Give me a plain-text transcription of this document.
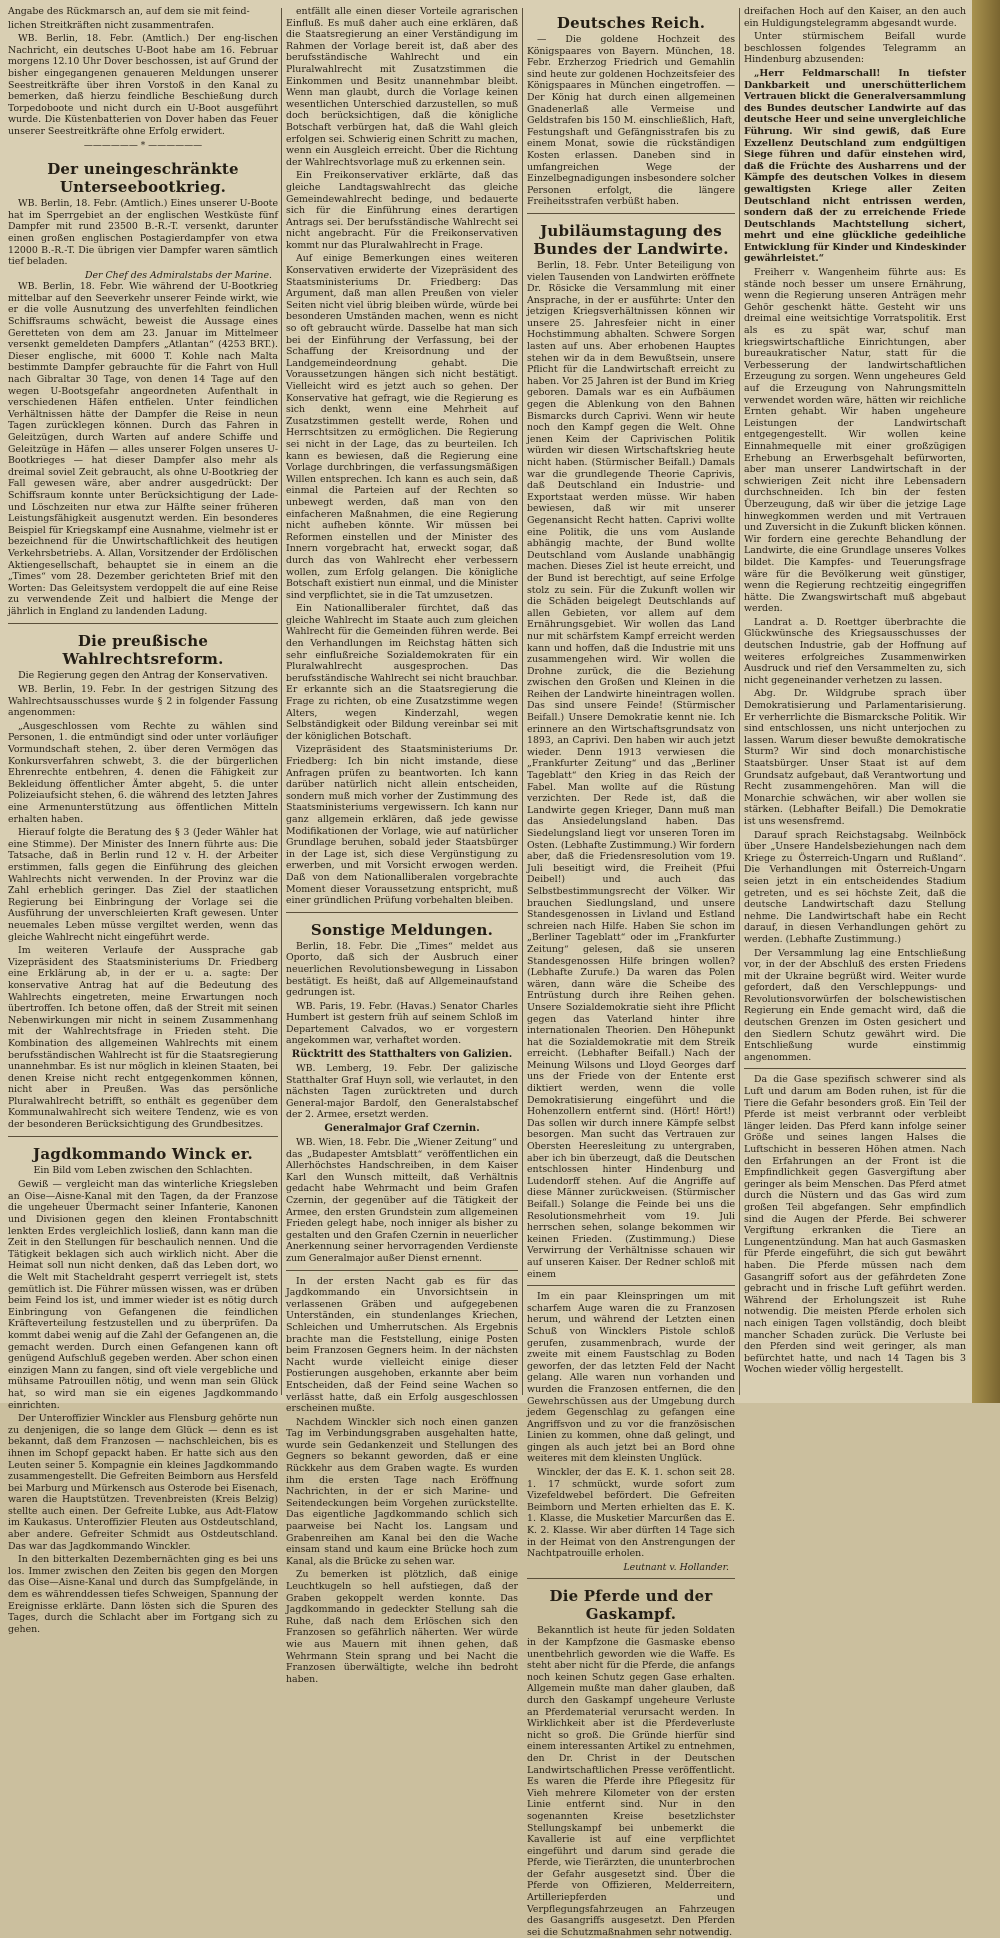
Angabe des Rückmarsch an, auf dem sie mit feind-

lichen Streitkräften nicht zusammentrafen.

WB. Berlin, 18. Febr. (Amtlich.) Der eng-lischen Nachricht, ein deutsches U-Boot habe am 16. Februar morgens 12.10 Uhr Dover beschossen, ist auf Grund der bisher eingegangenen genaueren Meldungen unserer Seestreitkräfte über ihren Vorstoß in den Kanal zu bemerken, daß hierzu feindliche Beschießung durch Torpedoboote und nicht durch ein U-Boot ausgeführt wurde. Die Küstenbatterien von Dover haben das Feuer unserer Seestreitkräfte ohne Erfolg erwidert.

—————— * ——————
Der uneingeschränkte Unterseebootkrieg.

WB. Berlin, 18. Febr. (Amtlich.) Eines unserer U-Boote hat im Sperrgebiet an der englischen Westküste fünf Dampfer mit rund 23500 B.-R.-T. versenkt, darunter einen großen englischen Postagierdampfer von etwa 12000 B.-R.-T. Die übrigen vier Dampfer waren sämtlich tief beladen.

Der Chef des Admiralstabs der Marine.

WB. Berlin, 18. Febr. Wie während der U-Bootkrieg mittelbar auf den Seeverkehr unserer Feinde wirkt, wie er die volle Ausnutzung des unverfehlten feindlichen Schiffsraums schwächt, beweist die Aussage eines Geretteten von dem am 23. Januar im Mittelmeer versenkt gemeldeten Dampfers „Atlantan“ (4253 BRT.). Dieser englische, mit 6000 T. Kohle nach Malta bestimmte Dampfer gebrauchte für die Fahrt von Hull nach Gibraltar 30 Tage, von denen 14 Tage auf den wegen U-Bootsgefahr angeordneten Aufenthalt in verschiedenen Häfen entfielen. Unter feindlichen Verhältnissen hätte der Dampfer die Reise in neun Tagen zurücklegen können. Durch das Fahren in Geleitzügen, durch Warten auf andere Schiffe und Geleitzüge in Häfen — alles unserer Folgen unseres U-Bootkrieges — hat dieser Dampfer also mehr als dreimal soviel Zeit gebraucht, als ohne U-Bootkrieg der Fall gewesen wäre, aber andrer ausgedrückt: Der Schiffsraum konnte unter Berücksichtigung der Lade- und Löschzeiten nur etwa zur Hälfte seiner früheren Leistungsfähigkeit ausgenutzt werden. Ein besonderes Beispiel für Kriegskampf eine Ausnahme, vielmehr ist er bezeichnend für die Unwirtschaftlichkeit des heutigen Verkehrsbetriebs. A. Allan, Vorsitzender der Erdölischen Aktiengesellschaft, behauptet sie in einem an die „Times“ vom 28. Dezember gerichteten Brief mit den Worten: Das Geleitsystem verdoppelt die auf eine Reise zu verwendende Zeit und halbiert die Menge der jährlich in England zu landenden Ladung.

Die preußische Wahlrechtsreform.
Die Regierung gegen den Antrag der Konservativen.

WB. Berlin, 19. Febr. In der gestrigen Sitzung des Wahlrechtsausschusses wurde § 2 in folgender Fassung angenommen:

„Ausgeschlossen vom Rechte zu wählen sind Personen, 1. die entmündigt sind oder unter vorläufiger Vormundschaft stehen, 2. über deren Vermögen das Konkursverfahren schwebt, 3. die der bürgerlichen Ehrenrechte entbehren, 4. denen die Fähigkeit zur Bekleidung öffentlicher Ämter abgeht, 5. die unter Polizeiaufsicht stehen, 6. die während des letzten Jahres eine Armenunterstützung aus öffentlichen Mitteln erhalten haben.

Hierauf folgte die Beratung des § 3 (Jeder Wähler hat eine Stimme). Der Minister des Innern führte aus: Die Tatsache, daß in Berlin rund 12 v. H. der Arbeiter erstimmen, falls gegen die Einführung des gleichen Wahlrechts nicht verwenden. In der Provinz war die Zahl erheblich geringer. Das Ziel der staatlichen Regierung bei Einbringung der Vorlage sei die Ausführung der unverschleierten Kraft gewesen. Unter neuemales Leben müsse vergiltet werden, wenn das gleiche Wahlrecht nicht eingeführt werde.

Im weiteren Verlaufe der Aussprache gab Vizepräsident des Staatsministeriums Dr. Friedberg eine Erklärung ab, in der er u. a. sagte: Der konservative Antrag hat auf die Bedeutung des Wahlrechts eingetreten, meine Erwartungen noch übertroffen. Ich betone offen, daß der Streit mit seinen Nebenwirkungen mir nicht in seinem Zusammenhang mit der Wahlrechtsfrage in Frieden steht. Die Kombination des allgemeinen Wahlrechts mit einem berufsständischen Wahlrecht ist für die Staatsregierung unannehmbar. Es ist nur möglich in kleinen Staaten, bei denen Kreise nicht recht entgegenkommen können, nicht aber in Preußen. Was das persönliche Pluralwahlrecht betrifft, so enthält es gegenüber dem Kommunalwahlrecht sich weitere Tendenz, wie es von der besonderen Berücksichtigung des Grundbesitzes.

Jagdkommando Winck er.
Ein Bild vom Leben zwischen den Schlachten.

Gewiß — vergleicht man das winterliche Kriegsleben an Oise—Aisne-Kanal mit den Tagen, da der Franzose die ungeheuer Übermacht seiner Infanterie, Kanonen und Divisionen gegen den kleinen Frontabschnitt lenkten Erdes vergleichlich losließ, dann kann man die Zeit in den Stellungen für beschaulich nennen. Und die Tätigkeit beklagen sich auch wirklich nicht. Aber die Heimat soll nun nicht denken, daß das Leben dort, wo die Welt mit Stacheldraht gesperrt verriegelt ist, stets gemütlich ist. Die Führer müssen wissen, was er drüben beim Feind los ist, und immer wieder ist es nötig durch Einbringung von Gefangenen die feindlichen Kräfteverteilung festzustellen und zu überprüfen. Da kommt dabei wenig auf die Zahl der Gefangenen an, die gemacht werden. Durch einen Gefangenen kann oft genügend Aufschluß gegeben werden. Aber schon einen einzigen Mann zu fangen, sind oft viele vergebliche und mühsame Patrouillen nötig, und wenn man sein Glück hat, so wird man sie ein eigenes Jagdkommando einrichten.

Der Unteroffizier Winckler aus Flensburg gehörte nun zu denjenigen, die so lange dem Glück — denn es ist bekannt, daß dem Franzosen — nachschleichen, bis es ihnen im Schopf gepackt haben. Er hatte sich aus den Leuten seiner 5. Kompagnie ein kleines Jagdkommando zusammengestellt. Die Gefreiten Beimborn aus Hersfeld bei Marburg und Mürkensch aus Osterode bei Eisenach, waren die Hauptstützen. Trevenbreisten (Kreis Belzig) stellte auch einen. Der Gefreite Lubke, aus Adt-Flatow im Kaukasus. Unteroffizier Fleuten aus Ostdeutschland, aber andere. Gefreiter Schmidt aus Ostdeutschland. Das war das Jagdkommando Winckler.

In den bitterkalten Dezembernächten ging es bei uns los. Immer zwischen den Zeiten bis gegen den Morgen das Oise—Aisne-Kanal und durch das Sumpfgelände, in dem es währenddessen tiefes Schweigen, Spannung der Ereignisse erklärte. Dann lösten sich die Spuren des Tages, durch die Schlacht aber im Fortgang sich zu gehen.

entfällt alle einen dieser Vorteile agrarischen Einfluß. Es muß daher auch eine erklären, daß die Staatsregierung an einer Verständigung im Rahmen der Vorlage bereit ist, daß aber des berufsständische Wahlrecht und ein Pluralwahlrecht mit Zusatzstimmen die Einkommen und Besitz unannehmbar bleibt. Wenn man glaubt, durch die Vorlage keinen wesentlichen Unterschied darzustellen, so muß doch berücksichtigen, daß die königliche Botschaft verbürgen hat, daß die Wahl gleich erfolgen sei. Schwierig einen Schritt zu machen, wenn ein Ausgleich erreicht. Über die Richtung der Wahlrechtsvorlage muß zu erkennen sein.

Ein Freikonservativer erklärte, daß das gleiche Landtagswahlrecht das gleiche Gemeindewahlrecht bedinge, und bedauerte sich für die Einführung eines derartigen Antrags sei. Der berufsständische Wahlrecht sei nicht angebracht. Für die Freikonservativen kommt nur das Pluralwahlrecht in Frage.

Auf einige Bemerkungen eines weiteren Konservativen erwiderte der Vizepräsident des Staatsministeriums Dr. Friedberg: Das Argument, daß man allen Preußen von vieler Seiten nicht viel übrig bleiben würde, würde bei besonderen Umständen machen, wenn es nicht so oft gebraucht würde. Dasselbe hat man sich bei der Einführung der Verfassung, bei der Schaffung der Kreisordnung und der Landgemeindeordnung gehabt. Die Voraussetzungen hängen sich nicht bestätigt. Vielleicht wird es jetzt auch so gehen. Der Konservative hat gefragt, wie die Regierung es sich denkt, wenn eine Mehrheit auf Zusatzstimmen gestellt werde, Rohen und Herrschtsitzen zu ermöglichen. Die Regierung sei nicht in der Lage, das zu beurteilen. Ich kann es bewiesen, daß die Regierung eine Vorlage durchbringen, die verfassungsmäßigen Willen entsprechen. Ich kann es auch sein, daß einmal die Parteien auf der Rechten so unbewegt werden, daß man von den einfacheren Maßnahmen, die eine Regierung nicht aufheben könnte. Wir müssen bei Reformen einstellen und der Minister des Innern vorgebracht hat, erweckt sogar, daß durch das von Wahlrecht eher verbessern wollen, zum Erfolg gelangen. Die königliche Botschaft existiert nun einmal, und die Minister sind verpflichtet, sie in die Tat umzusetzen.

Ein Nationalliberaler fürchtet, daß das gleiche Wahlrecht im Staate auch zum gleichen Wahlrecht für die Gemeinden führen werde. Bei den Verhandlungen im Reichstag hätten sich sehr einflußreiche Sozialdemokraten für ein Pluralwahlrecht ausgesprochen. Das berufsständische Wahlrecht sei nicht brauchbar. Er erkannte sich an die Staatsregierung die Frage zu richten, ob eine Zusatzstimme wegen Alters, wegen Kinderzahl, wegen Selbständigkeit oder Bildung vereinbar sei mit der königlichen Botschaft.

Vizepräsident des Staatsministeriums Dr. Friedberg: Ich bin nicht imstande, diese Anfragen prüfen zu beantworten. Ich kann darüber natürlich nicht allein entscheiden, sondern muß mich vorher der Zustimmung des Staatsministeriums vergewissern. Ich kann nur ganz allgemein erklären, daß jede gewisse Modifikationen der Vorlage, wie auf natürlicher Grundlage beruhen, sobald jeder Staatsbürger in der Lage ist, sich diese Vergünstigung zu erwerben, und mit Vorsicht erwogen werden. Daß von dem Nationalliberalen vorgebrachte Moment dieser Voraussetzung entspricht, muß einer gründlichen Prüfung vorbehalten bleiben.

Sonstige Meldungen.

Berlin, 18. Febr. Die „Times“ meldet aus Oporto, daß sich der Ausbruch einer neuerlichen Revolutionsbewegung in Lissabon bestätigt. Es heißt, daß auf Allgemeinaufstand gedrungen ist.

WB. Paris, 19. Febr. (Havas.) Senator Charles Humbert ist gestern früh auf seinem Schloß im Departement Calvados, wo er vorgestern angekommen war, verhaftet worden.

Rücktritt des Statthalters von Galizien.

WB. Lemberg, 19. Febr. Der galizische Statthalter Graf Huyn soll, wie verlautet, in den nächsten Tagen zurücktreten und durch General-major Bardolf, den Generalstabschef der 2. Armee, ersetzt werden.

Generalmajor Graf Czernin.

WB. Wien, 18. Febr. Die „Wiener Zeitung“ und das „Budapester Amtsblatt“ veröffentlichen ein Allerhöchstes Handschreiben, in dem Kaiser Karl den Wunsch mitteilt, daß Verhältnis gedacht habe Wehrmacht und beim Grafen Czernin, der gegenüber auf die Tätigkeit der Armee, den ersten Grundstein zum allgemeinen Frieden gelegt habe, noch inniger als bisher zu gestalten und den Grafen Czernin in neuerlicher Anerkennung seiner hervorragenden Verdienste zum Generalmajor außer Dienst ernennt.

In der ersten Nacht gab es für das Jagdkommando ein Unvorsichtsein in verlassenen Gräben und aufgegebenen Unterständen, ein stundenlanges Kriechen, Schleichen und Umherrutschen. Als Ergebnis brachte man die Feststellung, einige Posten beim Franzosen Gegners heim. In der nächsten Nacht wurde vielleicht einige dieser Postierungen ausgehoben, erkannte aber beim Entscheiden, daß der Feind seine Wachen so verlässt hatte, daß ein Erfolg ausgeschlossen erscheinen mußte.

Nachdem Winckler sich noch einen ganzen Tag im Verbindungsgraben ausgehalten hatte, wurde sein Gedankenzeit und Stellungen des Gegners so bekannt geworden, daß er eine Rückkehr aus dem Graben wagte. Es wurden ihm die ersten Tage nach Eröffnung Nachrichten, in der er sich Marine- und Seitendeckungen beim Vorgehen zurückstellte. Das eigentliche Jagdkommando schlich sich paarweise bei Nacht los. Langsam und Grabenreihen am Kanal bei den die Wache einsam stand und kaum eine Brücke hoch zum Kanal, als die Brücke zu sehen war.

Zu bemerken ist plötzlich, daß einige Leuchtkugeln so hell aufstiegen, daß der Graben gekoppelt werden konnte. Das Jagdkommando in gedeckter Stellung sah die Ruhe, daß nach dem Erlöschen sich den Franzosen so gefährlich näherten. Wer würde wie aus Mauern mit ihnen gehen, daß Wehrmann Stein sprang und bei Nacht die Franzosen überwältigte, welche ihn bedroht haben.

Deutsches Reich.

— Die goldene Hochzeit des Königspaares von Bayern. München, 18. Febr. Erzherzog Friedrich und Gemahlin sind heute zur goldenen Hochzeitsfeier des Königspaares in München eingetroffen. — Der König hat durch einen allgemeinen Gnadenerlaß alle Vermeise und Geldstrafen bis 150 M. einschließlich, Haft, Festungshaft und Gefängnisstrafen bis zu einem Monat, sowie die rückständigen Kosten erlassen. Daneben sind in umfangreichen Wege der Einzelbegnadigungen insbesondere solcher Personen erfolgt, die längere Freiheitsstrafen verbüßt haben.

Jubiläumstagung des Bundes der Landwirte.

Berlin, 18. Febr. Unter Beteiligung von vielen Tausenden von Landwirten eröffnete Dr. Rösicke die Versammlung mit einer Ansprache, in der er ausführte: Unter den jetzigen Kriegsverhältnissen können wir unsere 25. Jahresfeier nicht in einer Hochstimmung abhalten. Schwere Sorgen lasten auf uns. Aber erhobenen Hauptes stehen wir da in dem Bewußtsein, unsere Pflicht für die Landwirtschaft erreicht zu haben. Vor 25 Jahren ist der Bund im Krieg geboren. Damals war es ein Aufbäumen gegen die Ablenkung von den Bahnen Bismarcks durch Caprivi. Wenn wir heute noch den Kampf gegen die Welt. Ohne jenen Keim der Caprivischen Politik würden wir diesen Wirtschaftskrieg heute nicht haben. (Stürmischer Beifall.) Damals war die grundlegende Theorie Caprivis, daß Deutschland ein Industrie- und Exportstaat werden müsse. Wir haben bewiesen, daß wir mit unserer Gegenansicht Recht hatten. Caprivi wollte eine Politik, die uns vom Auslande abhängig machte, der Bund wollte Deutschland vom Auslande unabhängig machen. Dieses Ziel ist heute erreicht, und der Bund ist berechtigt, auf seine Erfolge stolz zu sein. Für die Zukunft wollen wir die Schäden beigelegt Deutschlands auf allen Gebieten, vor allem auf dem Ernährungsgebiet. Wir wollen das Land nur mit schärfstem Kampf erreicht werden kann und hoffen, daß die Industrie mit uns zusammengehen wird. Wir wollen die Drohne zurück, die die Beziehung zwischen den Großen und Kleinen in die Reihen der Landwirte hineintragen wollen. Das sind unsere Feinde! (Stürmischer Beifall.) Unsere Demokratie kennt nie. Ich erinnere an den Wirtschaftsgrundsatz von 1893, an Caprivi. Den haben wir auch jetzt wieder. Denn 1913 verwiesen die „Frankfurter Zeitung“ und das „Berliner Tageblatt“ den Krieg in das Reich der Fabel. Man wollte auf die Rüstung verzichten. Der Rede ist, daß die Landwirte gegen Krieger, Dann muß man das Ansiedelungsland haben. Das Siedelungsland liegt vor unseren Toren im Osten. (Lebhafte Zustimmung.) Wir fordern aber, daß die Friedensresolution vom 19. Juli beseitigt wird, die Freiheit (Pfui Deibel!) und auch das Selbstbestimmungsrecht der Völker. Wir brauchen Siedlungsland, und unsere Standesgenossen in Livland und Estland schreien nach Hilfe. Haben Sie schon im „Berliner Tageblatt“ oder im „Frankfurter Zeitung“ gelesen, daß sie unseren Standesgenossen Hilfe bringen wollen? (Lebhafte Zurufe.) Da waren das Polen wären, dann wäre die Scheibe des Entrüstung durch ihre Reihen gehen. Unsere Sozialdemokratie sieht ihre Pflicht gegen das Vaterland hinter ihre internationalen Theorien. Den Höhepunkt hat die Sozialdemokratie mit dem Streik erreicht. (Lebhafter Beifall.) Nach der Meinung Wilsons und Lloyd Georges darf uns der Friede von der Entente erst diktiert werden, wenn die volle Demokratisierung eingeführt und die Hohenzollern entfernt sind. (Hört! Hört!) Das sollen wir durch innere Kämpfe selbst besorgen. Man sucht das Vertrauen zur Obersten Heeresleitung zu untergraben, aber ich bin überzeugt, daß die Deutschen entschlossen hinter Hindenburg und Ludendorff stehen. Auf die Angriffe auf diese Männer zurückweisen. (Stürmischer Beifall.) Solange die Feinde bei uns die Resolutionsmehrheit vom 19. Juli herrschen sehen, solange bekommen wir keinen Frieden. (Zustimmung.) Diese Verwirrung der Verhältnisse schauen wir auf unseren Kaiser. Der Redner schloß mit einem

Im ein paar Kleinspringen um mit scharfem Auge waren die zu Franzosen herum, und während der Letzten einen Schuß von Wincklers Pistole schloß gerufen, zusammenbrach, wurde der zweite mit einem Faustschlag zu Boden geworfen, der das letzten Feld der Nacht gelang. Alle waren nun vorhanden und wurden die Franzosen entfernen, die den Gewehrschüssen aus der Umgebung durch jedem Gegenschlag zu gefangen eine Angriffsvon und zu vor die französischen Linien zu kommen, ohne daß gelingt, und gingen als auch jetzt bei an Bord ohne weiteres mit dem kleinsten Unglück.

Winckler, der das E. K. 1. schon seit 28. 1. 17 schmückt, wurde sofort zum Vizefeldwebel befördert. Die Gefreiten Beimborn und Merten erhielten das E. K. 1. Klasse, die Musketier Marcurßen das E. K. 2. Klasse. Wir aber dürften 14 Tage sich in der Heimat von den Anstrengungen der Nachtpatrouille erholen.

Leutnant v. Hollander.
Die Pferde und der Gaskampf.

Bekanntlich ist heute für jeden Soldaten in der Kampfzone die Gasmaske ebenso unentbehrlich geworden wie die Waffe. Es steht aber nicht für die Pferde, die anfangs noch keinen Schutz gegen Gase erhalten. Allgemein mußte man daher glauben, daß durch den Gaskampf ungeheure Verluste an Pferdematerial verursacht werden. In Wirklichkeit aber ist die Pferdeverluste nicht so groß. Die Gründe hierfür sind einem interessanten Artikel zu entnehmen, den Dr. Christ in der Deutschen Landwirtschaftlichen Presse veröffentlicht. Es waren die Pferde ihre Pflegesitz für Vieh mehrere Kilometer von der ersten Linie entfernt sind. Nur in den sogenannten Kreise besetzlichster Stellungskampf bei unbemerkt die Kavallerie ist auf eine verpflichtet eingeführt und darum sind gerade die Pferde, wie Tierärzten, die ununterbrochen der Gefahr ausgesetzt sind. Über die Pferde von Offizieren, Melderreitern, Artilleriepferden und Verpflegungsfahrzeugen an Fahrzeugen des Gasangriffs ausgesetzt. Den Pferden sei die Schutzmaßnahmen sehr notwendig.

dreifachen Hoch auf den Kaiser, an den auch ein Huldigungstelegramm abgesandt wurde.

Unter stürmischem Beifall wurde beschlossen folgendes Telegramm an Hindenburg abzusenden:

„Herr Feldmarschall! In tiefster Dankbarkeit und unerschütterlichem Vertrauen blickt die Generalversammlung des Bundes deutscher Landwirte auf das deutsche Heer und seine unvergleichliche Führung. Wir sind gewiß, daß Eure Exzellenz Deutschland zum endgültigen Siege führen und dafür einstehen wird, daß die Früchte des Ausharrens und der Kämpfe des deutschen Volkes in diesem gewaltigsten Kriege aller Zeiten Deutschland nicht entrissen werden, sondern daß der zu erreichende Friede Deutschlands Machtstellung sichert, mehrt und eine glückliche gedeihliche Entwicklung für Kinder und Kindeskinder gewährleistet.“

Freiherr v. Wangenheim führte aus: Es stände noch besser um unsere Ernährung, wenn die Regierung unseren Anträgen mehr Gehör geschenkt hätte. Gesteht wir uns dreimal eine weitsichtige Vorratspolitik. Erst als es zu spät war, schuf man kriegswirtschaftliche Einrichtungen, aber bureaukratischer Natur, statt für die Verbesserung der landwirtschaftlichen Erzeugung zu sorgen. Wenn ungeheures Geld auf die Erzeugung von Nahrungsmitteln verwendet worden wäre, hätten wir reichliche Ernten gehabt. Wir haben ungeheure Leistungen der Landwirtschaft entgegengestellt. Wir wollen keine Einnahmequelle mit einer großzügigen Erhebung an Erwerbsgehalt befürworten, aber man unserer Landwirtschaft in der schwierigen Zeit nicht ihre Lebensadern durchschneiden. Ich bin der festen Überzeugung, daß wir über die jetzige Lage hinwegkommen werden und mit Vertrauen und Zuversicht in die Zukunft blicken können. Wir fordern eine gerechte Behandlung der Landwirte, die eine Grundlage unseres Volkes bildet. Die Kampfes- und Teuerungsfrage wäre für die Bevölkerung weit günstiger, wenn die Regierung rechtzeitig eingegriffen hätte. Die Zwangswirtschaft muß abgebaut werden.

Landrat a. D. Roettger überbrachte die Glückwünsche des Kriegsausschusses der deutschen Industrie, gab der Hoffnung auf weiteres erfolgreiches Zusammenwirken Ausdruck und rief den Versammelten zu, sich nicht gegeneinander verhetzen zu lassen.

Abg. Dr. Wildgrube sprach über Demokratisierung und Parlamentarisierung. Er verherrlichte die Bismarcksche Politik. Wir sind entschlossen, uns nicht unterjochen zu lassen. Warum dieser bewußte demokratische Sturm? Wir sind doch monarchistische Staatsbürger. Unser Staat ist auf dem Grundsatz aufgebaut, daß Verantwortung und Recht zusammengehören. Man will die Monarchie schwächen, wir aber wollen sie stärken. (Lebhafter Beifall.) Die Demokratie ist uns wesensfremd.

Darauf sprach Reichstagsabg. Weilnböck über „Unsere Handelsbeziehungen nach dem Kriege zu Österreich-Ungarn und Rußland“. Die Verhandlungen mit Österreich-Ungarn seien jetzt in ein entscheidendes Stadium getreten, und es sei höchste Zeit, daß die deutsche Landwirtschaft dazu Stellung nehme. Die Landwirtschaft habe ein Recht darauf, in diesen Verhandlungen gehört zu werden. (Lebhafte Zustimmung.)

Der Versammlung lag eine Entschließung vor, in der der Abschluß des ersten Friedens mit der Ukraine begrüßt wird. Weiter wurde gefordert, daß den Verschleppungs- und Revolutionsvorwürfen der bolschewistischen Regierung ein Ende gemacht wird, daß die deutschen Grenzen im Osten gesichert und den Siedlern Schutz gewährt wird. Die Entschließung wurde einstimmig angenommen.

Da die Gase spezifisch schwerer sind als Luft und darum am Boden ruhen, ist für die Tiere die Gefahr besonders groß. Ein Teil der Pferde ist meist verbrannt oder verbleibt länger leiden. Das Pferd kann infolge seiner Größe und seines langen Halses die Luftschicht in besseren Höhen atmen. Nach den Erfahrungen an der Front ist die Empfindlichkeit gegen Gasvergiftung aber geringer als beim Menschen. Das Pferd atmet durch die Nüstern und das Gas wird zum großen Teil abgefangen. Sehr empfindlich sind die Augen der Pferde. Bei schwerer Vergiftung erkranken die Tiere an Lungenentzündung. Man hat auch Gasmasken für Pferde eingeführt, die sich gut bewährt haben. Die Pferde müssen nach dem Gasangriff sofort aus der gefährdeten Zone gebracht und in frische Luft geführt werden. Während der Erholungszeit ist Ruhe notwendig. Die meisten Pferde erholen sich nach einigen Tagen vollständig, doch bleibt mancher Schaden zurück. Die Verluste bei den Pferden sind weit geringer, als man befürchtet hatte, und nach 14 Tagen bis 3 Wochen wieder völlig hergestellt.
